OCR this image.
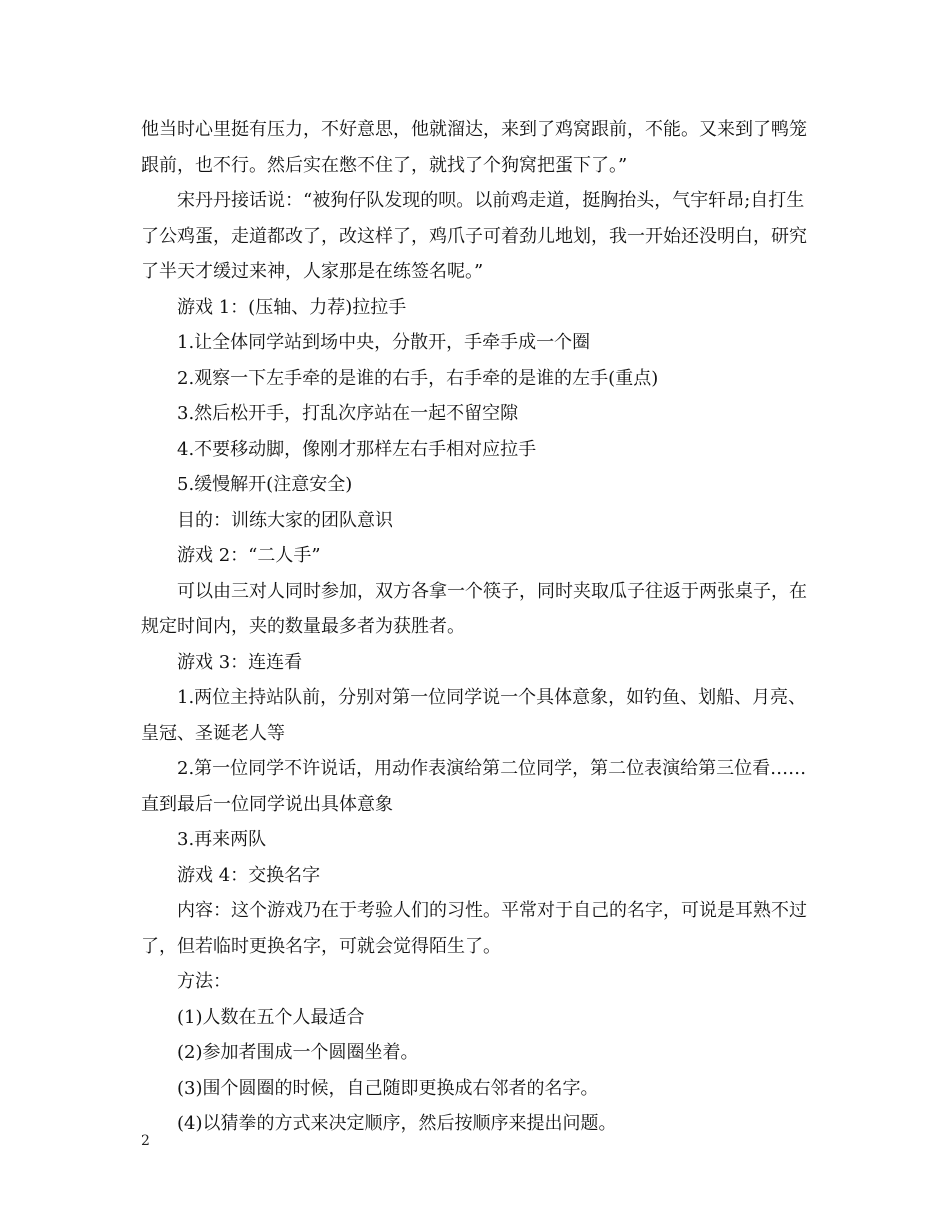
他当时心里挺有压力，不好意思，他就溜达，来到了鸡窝跟前，不能。又来到了鸭笼跟前，也不行。然后实在憋不住了，就找了个狗窝把蛋下了。”

宋丹丹接话说：“被狗仔队发现的呗。以前鸡走道，挺胸抬头，气宇轩昂;自打生了公鸡蛋，走道都改了，改这样了，鸡爪子可着劲儿地划，我一开始还没明白，研究了半天才缓过来神，人家那是在练签名呢。”

游戏 1：(压轴、力荐)拉拉手

1.让全体同学站到场中央，分散开，手牵手成一个圈

2.观察一下左手牵的是谁的右手，右手牵的是谁的左手(重点)

3.然后松开手，打乱次序站在一起不留空隙

4.不要移动脚，像刚才那样左右手相对应拉手

5.缓慢解开(注意安全)

目的：训练大家的团队意识

游戏 2：“二人手”

可以由三对人同时参加，双方各拿一个筷子，同时夹取瓜子往返于两张桌子，在规定时间内，夹的数量最多者为获胜者。

游戏 3：连连看

1.两位主持站队前，分别对第一位同学说一个具体意象，如钓鱼、划船、月亮、皇冠、圣诞老人等

2.第一位同学不许说话，用动作表演给第二位同学，第二位表演给第三位看……直到最后一位同学说出具体意象

3.再来两队

游戏 4：交换名字

内容：这个游戏乃在于考验人们的习性。平常对于自己的名字，可说是耳熟不过了，但若临时更换名字，可就会觉得陌生了。

方法：

(1)人数在五个人最适合

(2)参加者围成一个圆圈坐着。

(3)围个圆圈的时候，自己随即更换成右邻者的名字。

(4)以猜拳的方式来决定顺序，然后按顺序来提出问题。

2
